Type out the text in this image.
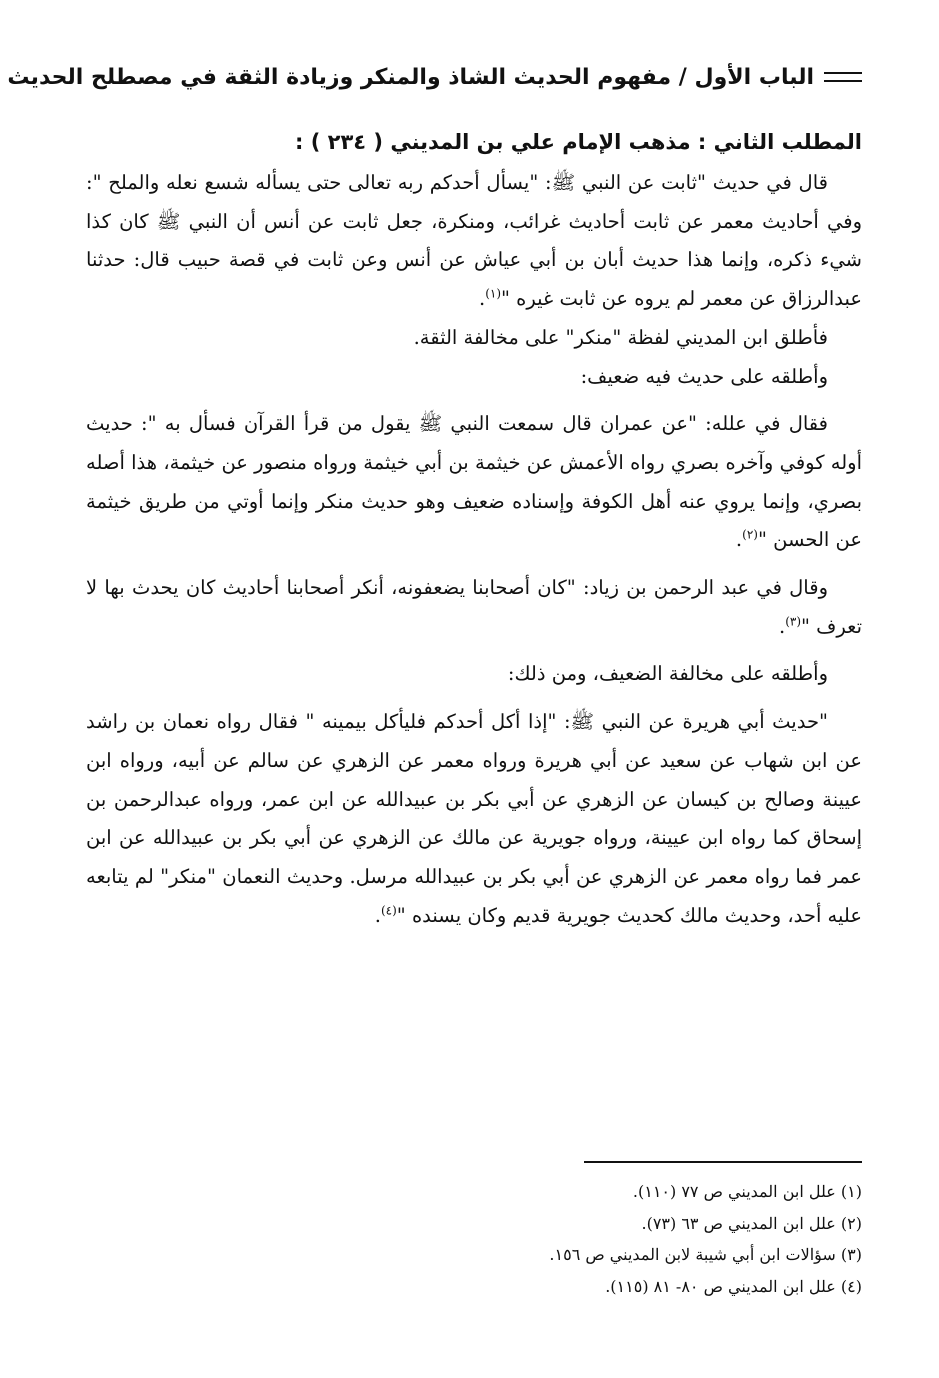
الباب الأول / مفهوم الحديث الشاذ والمنكر وزيادة الثقة في مصطلح الحديث
المطلب الثاني : مذهب الإمام علي بن المديني ( ٢٣٤ ) :

قال في حديث "ثابت عن النبي ﷺ: "يسأل أحدكم ربه تعالى حتى يسأله شسع نعله والملح ": وفي أحاديث معمر عن ثابت أحاديث غرائب، ومنكرة، جعل ثابت عن أنس أن النبي ﷺ كان كذا شيء ذكره، وإنما هذا حديث أبان بن أبي عياش عن أنس وعن ثابت في قصة حبيب قال: حدثنا عبدالرزاق عن معمر لم يروه عن ثابت غيره "$^{(١)}$.

فأطلق ابن المديني لفظة "منكر" على مخالفة الثقة.

وأطلقه على حديث فيه ضعيف:

فقال في علله: "عن عمران قال سمعت النبي ﷺ يقول من قرأ القرآن فسأل به ": حديث أوله كوفي وآخره بصري رواه الأعمش عن خيثمة بن أبي خيثمة ورواه منصور عن خيثمة، هذا أصله بصري، وإنما يروي عنه أهل الكوفة وإسناده ضعيف وهو حديث منكر وإنما أوتي من طريق خيثمة عن الحسن "$^{(٢)}$.

وقال في عبد الرحمن بن زياد: "كان أصحابنا يضعفونه، أنكر أصحابنا أحاديث كان يحدث بها لا تعرف "$^{(٣)}$.

وأطلقه على مخالفة الضعيف، ومن ذلك:

"حديث أبي هريرة عن النبي ﷺ: "إذا أكل أحدكم فليأكل بيمينه " فقال رواه نعمان بن راشد عن ابن شهاب عن سعيد عن أبي هريرة ورواه معمر عن الزهري عن سالم عن أبيه، ورواه ابن عيينة وصالح بن كيسان عن الزهري عن أبي بكر بن عبيدالله عن ابن عمر، ورواه عبدالرحمن بن إسحاق كما رواه ابن عيينة، ورواه جويرية عن مالك عن الزهري عن أبي بكر بن عبيدالله عن ابن عمر فما رواه معمر عن الزهري عن أبي بكر بن عبيدالله مرسل. وحديث النعمان "منكر" لم يتابعه عليه أحد، وحديث مالك كحديث جويرية قديم وكان يسنده "$^{(٤)}$.

(١) علل ابن المديني ص ٧٧ (١١٠).

(٢) علل ابن المديني ص ٦٣ (٧٣).

(٣) سؤالات ابن أبي شيبة لابن المديني ص ١٥٦.

(٤) علل ابن المديني ص ٨٠- ٨١ (١١٥).
